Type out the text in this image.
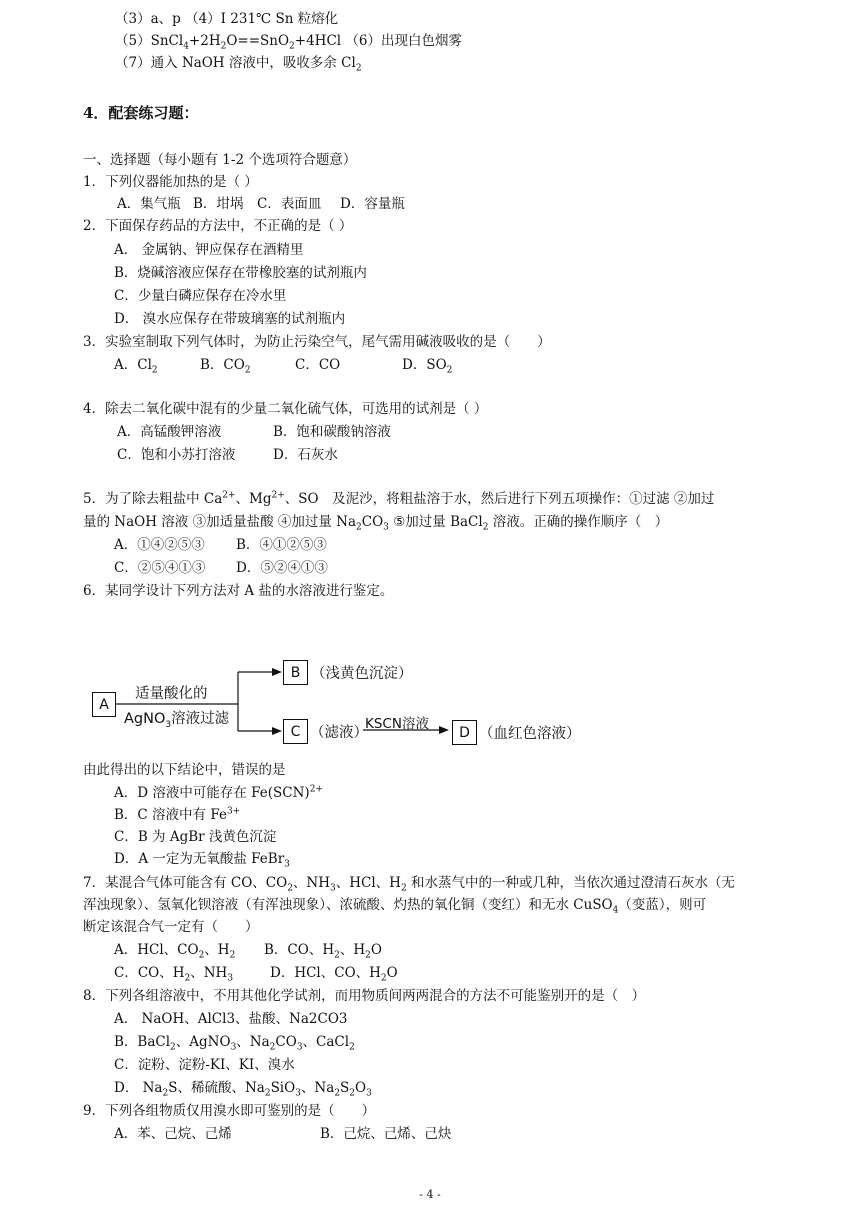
（3）a、p （4）I 231℃ Sn 粒熔化
$(5)SnCl_4+2H_2O==SnO_2+4HCl$ （6）出现白色烟雾
（7）通入 NaOH 溶液中，吸收多余 $Cl_2$
4．配套练习题：
一、选择题（每小题有 1-2 个选项符合题意）
1．下列仪器能加热的是（ ）
A．集气瓶 B．坩埚 C．表面皿 D．容量瓶
2．下面保存药品的方法中，不正确的是（ ）
A． 金属钠、钾应保存在酒精里
B．烧碱溶液应保存在带橡胶塞的试剂瓶内
C．少量白磷应保存在冷水里
D． 溴水应保存在带玻璃塞的试剂瓶内
3．实验室制取下列气体时，为防止污染空气，尾气需用碱液吸收的是（　　）
A．$Cl_2$	B．$CO_2$	C．CO	D．$SO_2$
4．除去二氧化碳中混有的少量二氧化硫气体，可选用的试剂是（ ）
A．高锰酸钾溶液	B．饱和碳酸钠溶液
C．饱和小苏打溶液	D．石灰水
5．为了除去粗盐中 $Ca^{2+}$、$Mg^{2+}$、SO　及泥沙，将粗盐溶于水，然后进行下列五项操作：①过滤 ②加过
量的 NaOH 溶液 ③加适量盐酸 ④加过量 $Na_2CO_3$ ⑤加过量 BaCl$_2$ 溶液。正确的操作顺序（　）
A．①④②⑤③ B．④①②⑤③
C．②⑤④①③ D．⑤②④①③
6．某同学设计下列方法对 A 盐的水溶液进行鉴定。
A
适量酸化的
AgNO$_3$溶液过滤
B （浅黄色沉淀）
C （滤液）
KSCN溶液
D （血红色溶液）
由此得出的以下结论中，错误的是
A．D 溶液中可能存在 Fe(SCN)$^{2+}$
B．C 溶液中有 $Fe^{3+}$
C．B 为 AgBr 浅黄色沉淀
D．A 一定为无氧酸盐 FeBr$_3$
7．某混合气体可能含有 CO、$CO_2$、$NH_3$、HCl、$H_2$ 和水蒸气中的一种或几种，当依次通过澄清石灰水（无
浑浊现象）、氢氧化钡溶液（有浑浊现象）、浓硫酸、灼热的氧化铜（变红）和无水 CuSO$_4$（变蓝），则可
断定该混合气一定有（　　）
A．HCl、$CO_2$、$H_2$ B．CO、$H_2$、$H_2O$
C．CO、$H_2$、$NH_3$	D．HCl、CO、$H_2O$
8．下列各组溶液中，不用其他化学试剂，而用物质间两两混合的方法不可能鉴别开的是（　）
A． NaOH、AlCl3、盐酸、Na2CO3
B．BaCl$_2$、AgNO$_3$、$Na_2CO_3$、CaCl$_2$
C．淀粉、淀粉-KI、KI、溴水
D． $Na_2S$、稀硫酸、$Na_2SiO_3$、$Na_2S_2O_3$
9．下列各组物质仅用溴水即可鉴别的是（　　）
A．苯、己烷、己烯	B．己烷、己烯、己炔
- 4 -
